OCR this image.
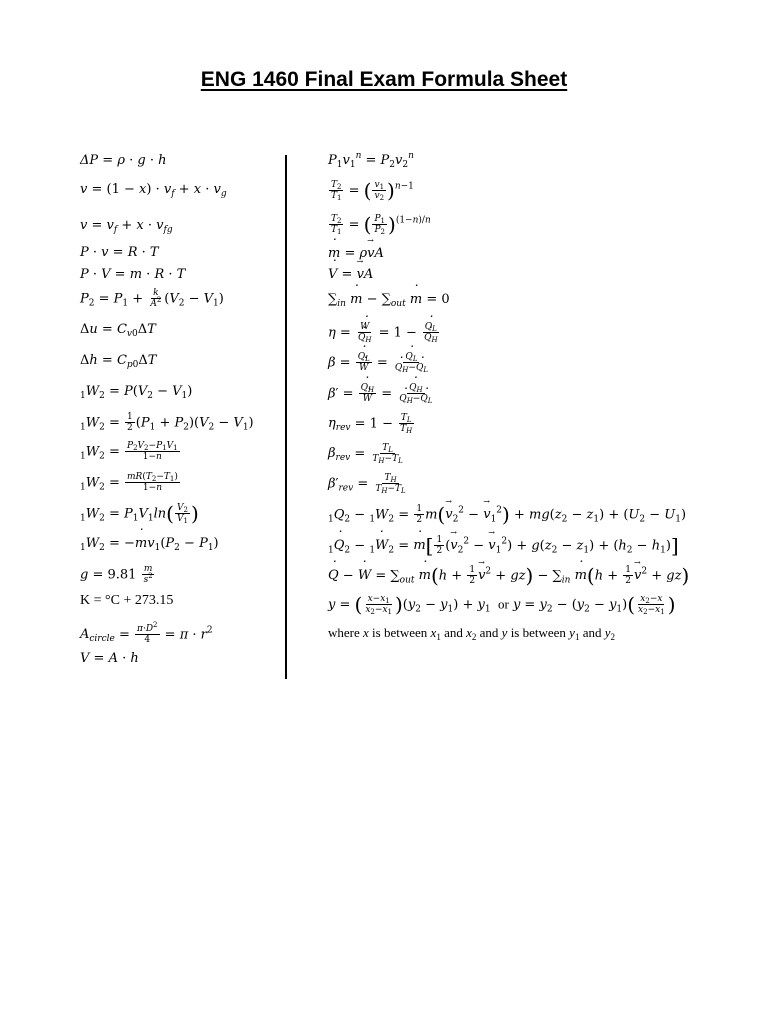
ENG 1460 Final Exam Formula Sheet
ΔP = ρ · g · h
$v = (1 - x) \cdot v_f + x \cdot v_g$
$v = v_f + x \cdot v_{fg}$
P · v = R · T
P · V = m · R · T
$P_2 = P_1 + \frac{k}{A^2} (V_2 - V_1)$
$\Delta u = C_{v0}\Delta T$
$\Delta h = C_{p0}\Delta T$
$_1W_2 = P(V_2 - V_1)$
$_1W_2 = \frac{1}{2} (P_1 + P_2)(V_2 - V_1)$
$_1W_2 = \frac{P_2V_2-P_1V_1}{1-n}$
$_1W_2 = \frac{mR(T_2-T_1)}{1-n}$
$_1W_2 = P_1V_1\ln( \frac{V_2}{V_1}$ )
$_1W_2 = -m$ $˙v_1(P_2 - P_1)$
$g = 9.81 \frac{m}{s^2}$
K = °C + 273.15
$A_{circle} = \frac{\pi\cdot D^2}{4} = \pi \cdot r^2$
V = A · h
$P_1v_1^n = P_2v_2^n$
$\frac{T_2}{T_1}$ = ( $\frac{v_1}{v_2} )^{n-1}$
$\frac{T_2}{T_1}$ = ( $\frac{P_1}{P_2} )^{(1-n)/n}$
m ˙ = ρv →A
V ˙ = v →A
$\sum_{in}$ m ˙ − $\sum_{out}$ m ˙ = 0
$\eta = \frac{W ˙}{Q ˙_H} = 1 - \frac{Q ˙_L}{Q ˙_H}$
$\beta = \frac{Q ˙_L}{W}$ ˙ = $\frac{Q ˙_L}{Q ˙_H-Q ˙_L}$
$\beta' = \frac{Q ˙_H}{W}$ ˙ = $\frac{Q ˙_H}{Q ˙_H-Q ˙_L}$
$\eta_{rev} = 1 - \frac{T_L}{T_H}$
$\beta_{rev} = \frac{T_L}{T_H-T_L}$
$\beta'_{rev} = \frac{T_H}{T_H-T_L}$
$_1Q_2 - _1W_2 = \frac{1}{2} m(v \to_2^2 - v \to_1^2) + mg(z_2 - z_1) + (U_2 - U_1)$
$_1$Q $˙_2 - _1W$ $˙_2 = m$ ˙[ $\frac{1}{2} (v \to_2^2 - v \to_1^2) + g(z_2 - z_1) + (h_2 - h_1)$]
Q ˙ − W ˙ = $\sum_{out}$ m ˙(h + $\frac{1}{2}$ $v \to^2 + gz) - \sum_{in}$ m ˙(h + $\frac{1}{2}$ v →$^2$ + gz)
y = ( $\frac{x-x_1}{x_2-x_1} )(y_2 - y_1) + y_1$  or $y = y_2 - (y_2 - y_1)( \frac{x_2-x}{x_2-x_1}$ )
where x is between $x_1$ and $x_2$ and y is between $y_1$ and $y_2$
